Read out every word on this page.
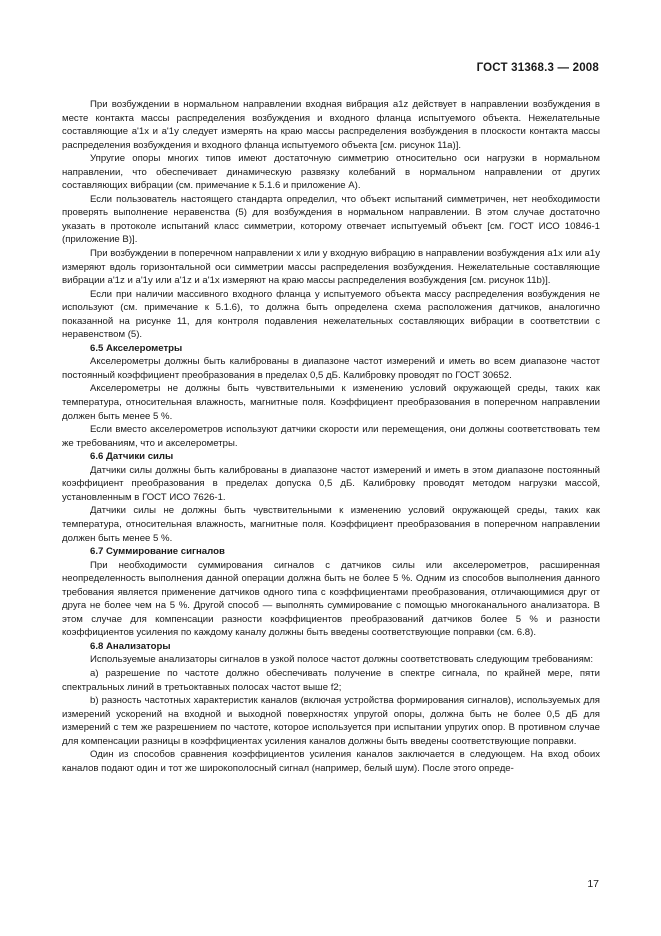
ГОСТ 31368.3 — 2008

При возбуждении в нормальном направлении входная вибрация a1z действует в направлении возбуждения в месте контакта массы распределения возбуждения и входного фланца испытуемого объекта. Нежелательные составляющие a'1x и a'1y следует измерять на краю массы распределения возбуждения в плоскости контакта массы распределения возбуждения и входного фланца испытуемого объекта [см. рисунок 11a)].

Упругие опоры многих типов имеют достаточную симметрию относительно оси нагрузки в нормальном направлении, что обеспечивает динамическую развязку колебаний в нормальном направлении от других составляющих вибрации (см. примечание к 5.1.6 и приложение А).

Если пользователь настоящего стандарта определил, что объект испытаний симметричен, нет необходимости проверять выполнение неравенства (5) для возбуждения в нормальном направлении. В этом случае достаточно указать в протоколе испытаний класс симметрии, которому отвечает испытуемый объект [см. ГОСТ ИСО 10846-1 (приложение В)].

При возбуждении в поперечном направлении x или y входную вибрацию в направлении возбуждения a1x или a1y измеряют вдоль горизонтальной оси симметрии массы распределения возбуждения. Нежелательные составляющие вибрации a'1z и a'1y или a'1z и a'1x измеряют на краю массы распределения возбуждения [см. рисунок 11b)].

Если при наличии массивного входного фланца у испытуемого объекта массу распределения возбуждения не используют (см. примечание к 5.1.6), то должна быть определена схема расположения датчиков, аналогично показанной на рисунке 11, для контроля подавления нежелательных составляющих вибрации в соответствии с неравенством (5).

6.5 Акселерометры

Акселерометры должны быть калиброваны в диапазоне частот измерений и иметь во всем диапазоне частот постоянный коэффициент преобразования в пределах 0,5 дБ. Калибровку проводят по ГОСТ 30652.

Акселерометры не должны быть чувствительными к изменению условий окружающей среды, таких как температура, относительная влажность, магнитные поля. Коэффициент преобразования в поперечном направлении должен быть менее 5 %.

Если вместо акселерометров используют датчики скорости или перемещения, они должны соответствовать тем же требованиям, что и акселерометры.

6.6 Датчики силы

Датчики силы должны быть калиброваны в диапазоне частот измерений и иметь в этом диапазоне постоянный коэффициент преобразования в пределах допуска 0,5 дБ. Калибровку проводят методом нагрузки массой, установленным в ГОСТ ИСО 7626-1.

Датчики силы не должны быть чувствительными к изменению условий окружающей среды, таких как температура, относительная влажность, магнитные поля. Коэффициент преобразования в поперечном направлении должен быть менее 5 %.

6.7 Суммирование сигналов

При необходимости суммирования сигналов с датчиков силы или акселерометров, расширенная неопределенность выполнения данной операции должна быть не более 5 %. Одним из способов выполнения данного требования является применение датчиков одного типа с коэффициентами преобразования, отличающимися друг от друга не более чем на 5 %. Другой способ — выполнять суммирование с помощью многоканального анализатора. В этом случае для компенсации разности коэффициентов преобразований датчиков более 5 % и разности коэффициентов усиления по каждому каналу должны быть введены соответствующие поправки (см. 6.8).

6.8 Анализаторы

Используемые анализаторы сигналов в узкой полосе частот должны соответствовать следующим требованиям:

a) разрешение по частоте должно обеспечивать получение в спектре сигнала, по крайней мере, пяти спектральных линий в третьоктавных полосах частот выше f2;

b) разность частотных характеристик каналов (включая устройства формирования сигналов), используемых для измерений ускорений на входной и выходной поверхностях упругой опоры, должна быть не более 0,5 дБ для измерений с тем же разрешением по частоте, которое используется при испытании упругих опор. В противном случае для компенсации разницы в коэффициентах усиления каналов должны быть введены соответствующие поправки.

Один из способов сравнения коэффициентов усиления каналов заключается в следующем. На вход обоих каналов подают один и тот же широкополосный сигнал (например, белый шум). После этого опреде-

17
